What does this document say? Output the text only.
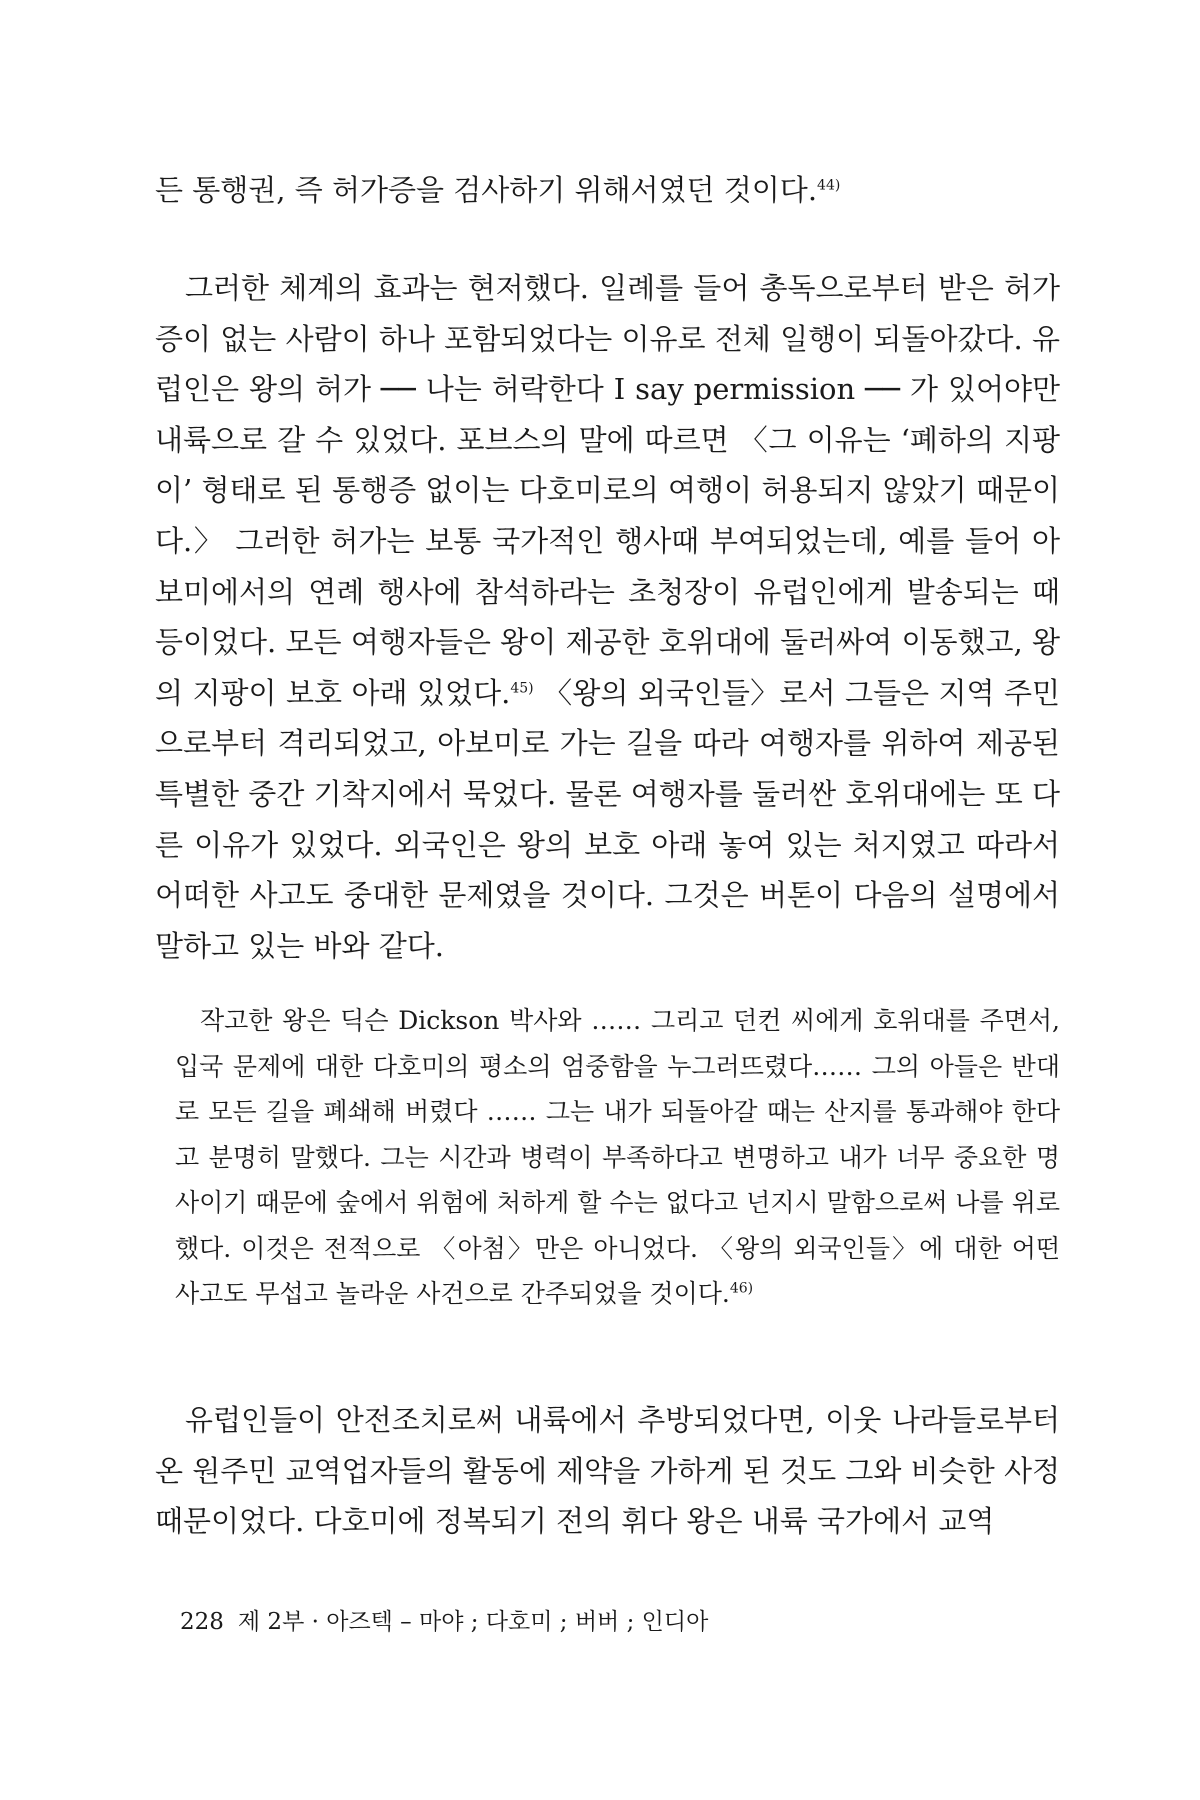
든 통행권, 즉 허가증을 검사하기 위해서였던 것이다.$^{44)}$

그러한 체계의 효과는 현저했다. 일례를 들어 총독으로부터 받은 허가증이 없는 사람이 하나 포함되었다는 이유로 전체 일행이 되돌아갔다. 유럽인은 왕의 허가 ── 나는 허락한다 I say permission ── 가 있어야만 내륙으로 갈 수 있었다. 포브스의 말에 따르면 〈그 이유는 ‘폐하의 지팡이’ 형태로 된 통행증 없이는 다호미로의 여행이 허용되지 않았기 때문이다.〉 그러한 허가는 보통 국가적인 행사때 부여되었는데, 예를 들어 아보미에서의 연례 행사에 참석하라는 초청장이 유럽인에게 발송되는 때 등이었다. 모든 여행자들은 왕이 제공한 호위대에 둘러싸여 이동했고, 왕의 지팡이 보호 아래 있었다.$^{45)}$ 〈왕의 외국인들〉로서 그들은 지역 주민으로부터 격리되었고, 아보미로 가는 길을 따라 여행자를 위하여 제공된 특별한 중간 기착지에서 묵었다. 물론 여행자를 둘러싼 호위대에는 또 다른 이유가 있었다. 외국인은 왕의 보호 아래 놓여 있는 처지였고 따라서 어떠한 사고도 중대한 문제였을 것이다. 그것은 버톤이 다음의 설명에서 말하고 있는 바와 같다.

작고한 왕은 딕슨 Dickson 박사와 …… 그리고 던컨 씨에게 호위대를 주면서, 입국 문제에 대한 다호미의 평소의 엄중함을 누그러뜨렸다…… 그의 아들은 반대로 모든 길을 폐쇄해 버렸다 …… 그는 내가 되돌아갈 때는 산지를 통과해야 한다고 분명히 말했다. 그는 시간과 병력이 부족하다고 변명하고 내가 너무 중요한 명사이기 때문에 숲에서 위험에 처하게 할 수는 없다고 넌지시 말함으로써 나를 위로했다. 이것은 전적으로 〈아첨〉만은 아니었다. 〈왕의 외국인들〉에 대한 어떤 사고도 무섭고 놀라운 사건으로 간주되었을 것이다.$^{46)}$

유럽인들이 안전조치로써 내륙에서 추방되었다면, 이웃 나라들로부터 온 원주민 교역업자들의 활동에 제약을 가하게 된 것도 그와 비슷한 사정 때문이었다. 다호미에 정복되기 전의 휘다 왕은 내륙 국가에서 교역

228 제 2부 · 아즈텍 – 마야 ; 다호미 ; 버버 ; 인디아
